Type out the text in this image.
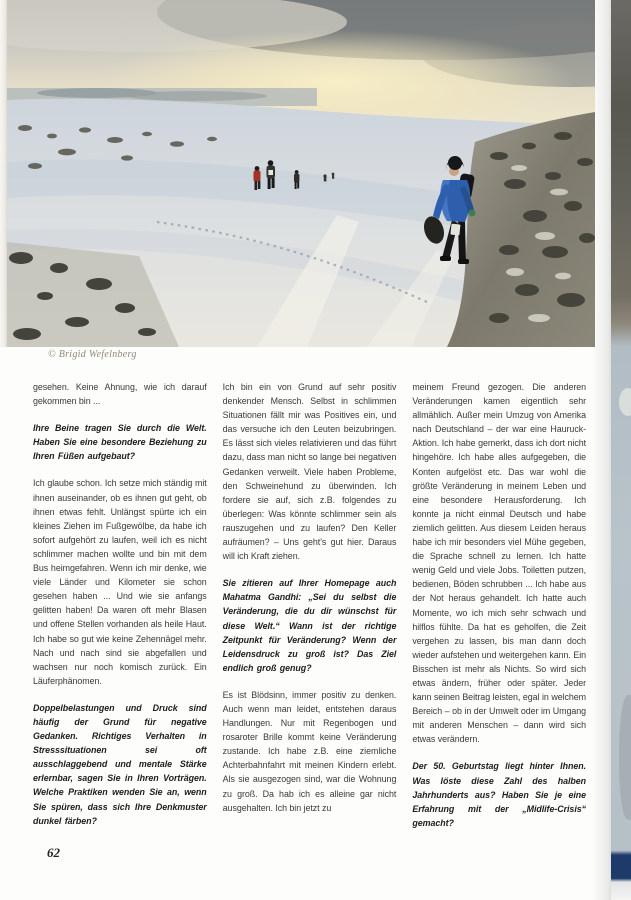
© Brigid Wefelnberg

gesehen. Keine Ahnung, wie ich darauf gekommen bin ...

Ihre Beine tragen Sie durch die Welt. Haben Sie eine besondere Beziehung zu Ihren Füßen aufgebaut?

Ich glaube schon. Ich setze mich ständig mit ihnen auseinander, ob es ihnen gut geht, ob ihnen etwas fehlt. Unlängst spürte ich ein kleines Ziehen im Fußgewölbe, da habe ich sofort aufgehört zu laufen, weil ich es nicht schlimmer machen wollte und bin mit dem Bus heimgefahren. Wenn ich mir denke, wie viele Länder und Kilometer sie schon gesehen haben ... Und wie sie anfangs gelitten haben! Da waren oft mehr Blasen und offene Stellen vorhanden als heile Haut. Ich habe so gut wie keine Zehennägel mehr. Nach und nach sind sie abgefallen und wachsen nur noch komisch zurück. Ein Läuferphänomen.

Doppelbelastungen und Druck sind häufig der Grund für negative Gedanken. Richtiges Verhalten in Stresssituationen sei oft ausschlaggebend und mentale Stärke erlernbar, sagen Sie in Ihren Vorträgen. Welche Praktiken wenden Sie an, wenn Sie spüren, dass sich Ihre Denkmuster dunkel färben?

Ich bin ein von Grund auf sehr positiv denkender Mensch. Selbst in schlimmen Situationen fällt mir was Positives ein, und das versuche ich den Leuten beizubringen. Es lässt sich vieles relativieren und das führt dazu, dass man nicht so lange bei negativen Gedanken verweilt. Viele haben Probleme, den Schweinehund zu überwinden. Ich fordere sie auf, sich z.B. folgendes zu überlegen: Was könnte schlimmer sein als rauszugehen und zu laufen? Den Keller aufräumen? – Uns geht's gut hier. Daraus will ich Kraft ziehen.

Sie zitieren auf Ihrer Homepage auch Mahatma Gandhi: „Sei du selbst die Veränderung, die du dir wünschst für diese Welt.“ Wann ist der richtige Zeitpunkt für Veränderung? Wenn der Leidensdruck zu groß ist? Das Ziel endlich groß genug?

Es ist Blödsinn, immer positiv zu denken. Auch wenn man leidet, entstehen daraus Handlungen. Nur mit Regenbogen und rosaroter Brille kommt keine Veränderung zustande. Ich habe z.B. eine ziemliche Achterbahnfahrt mit meinen Kindern erlebt. Als sie ausgezogen sind, war die Wohnung zu groß. Da hab ich es alleine gar nicht ausgehalten. Ich bin jetzt zu

meinem Freund gezogen. Die anderen Veränderungen kamen eigentlich sehr allmählich. Außer mein Umzug von Amerika nach Deutschland – der war eine Hauruck-Aktion. Ich habe gemerkt, dass ich dort nicht hingehöre. Ich habe alles aufgegeben, die Konten aufgelöst etc. Das war wohl die größte Veränderung in meinem Leben und eine besondere Herausforderung. Ich konnte ja nicht einmal Deutsch und habe ziemlich gelitten. Aus diesem Leiden heraus habe ich mir besonders viel Mühe gegeben, die Sprache schnell zu lernen. Ich hatte wenig Geld und viele Jobs. Toiletten putzen, bedienen, Böden schrubben ... Ich habe aus der Not heraus gehandelt. Ich hatte auch Momente, wo ich mich sehr schwach und hilflos fühlte. Da hat es geholfen, die Zeit vergehen zu lassen, bis man dann doch wieder aufstehen und weitergehen kann. Ein Bisschen ist mehr als Nichts. So wird sich etwas ändern, früher oder später. Jeder kann seinen Beitrag leisten, egal in welchem Bereich – ob in der Umwelt oder im Umgang mit anderen Menschen – dann wird sich etwas verändern.

Der 50. Geburtstag liegt hinter Ihnen. Was löste diese Zahl des halben Jahrhunderts aus? Haben Sie je eine Erfahrung mit der „Midlife-Crisis“ gemacht?

62
